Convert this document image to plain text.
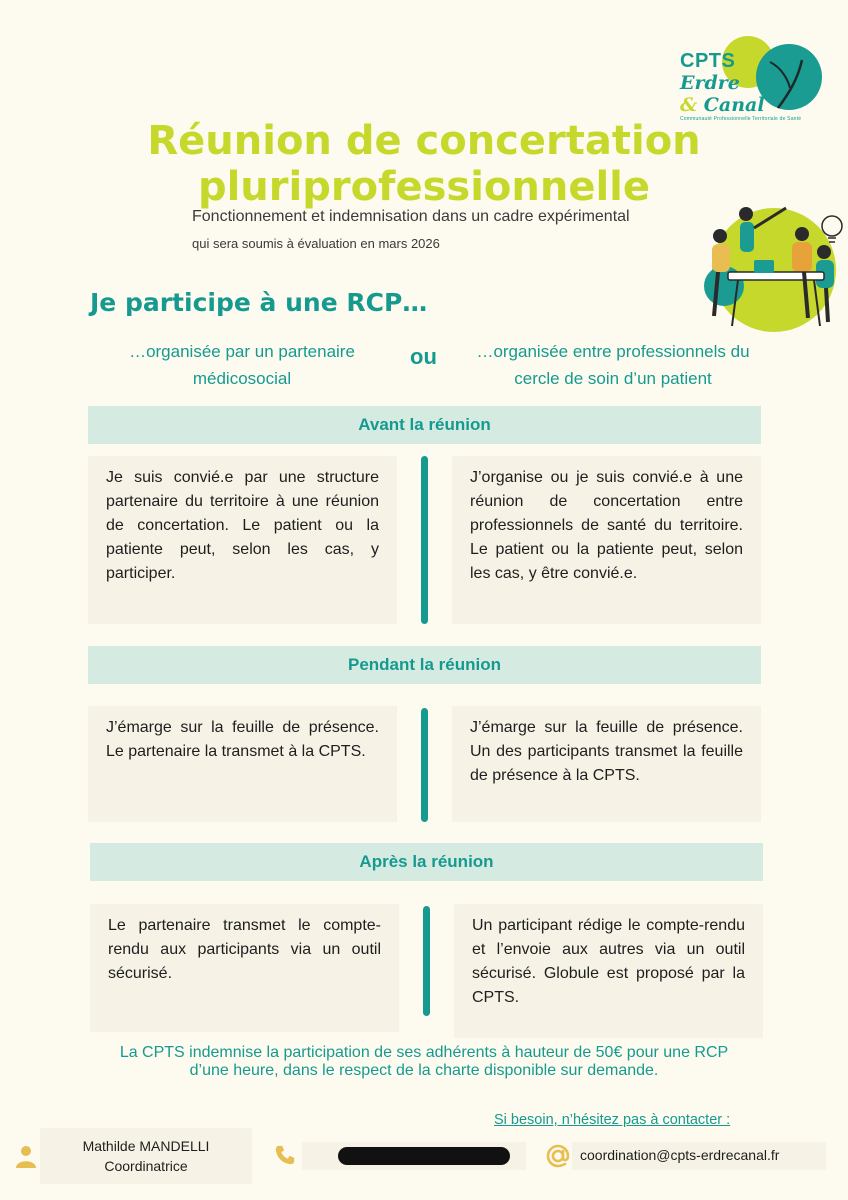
CPTS
Erdre
& Canal
Communauté Professionnelle Territoriale de Santé
Réunion de concertation
pluriprofessionnelle
Fonctionnement et indemnisation dans un cadre expérimental
qui sera soumis à évaluation en mars 2026
Je participe à une RCP…
…organisée par un partenaire médicosocial
ou	…organisée entre professionnels du cercle de soin d’un patient
Avant la réunion
Je suis convié.e par une structure partenaire du territoire à une réunion de concertation. Le patient ou la patiente peut, selon les cas, y participer.
J’organise ou je suis convié.e à une réunion de concertation entre professionnels de santé du territoire. Le patient ou la patiente peut, selon les cas, y être convié.e.
Pendant la réunion
J’émarge sur la feuille de présence. Le partenaire la transmet à la CPTS.
J’émarge sur la feuille de présence. Un des participants transmet la feuille de présence à la CPTS.
Après la réunion
Le partenaire transmet le compte-rendu aux participants via un outil sécurisé.
Un participant rédige le compte-rendu et l’envoie aux autres via un outil sécurisé. Globule est proposé par la CPTS.
La CPTS indemnise la participation de ses adhérents à hauteur de 50€ pour une RCP d’une heure, dans le respect de la charte disponible sur demande.
Si besoin, n’hésitez pas à contacter :
Mathilde MANDELLI
Coordinatrice
coordination@cpts-erdrecanal.fr
